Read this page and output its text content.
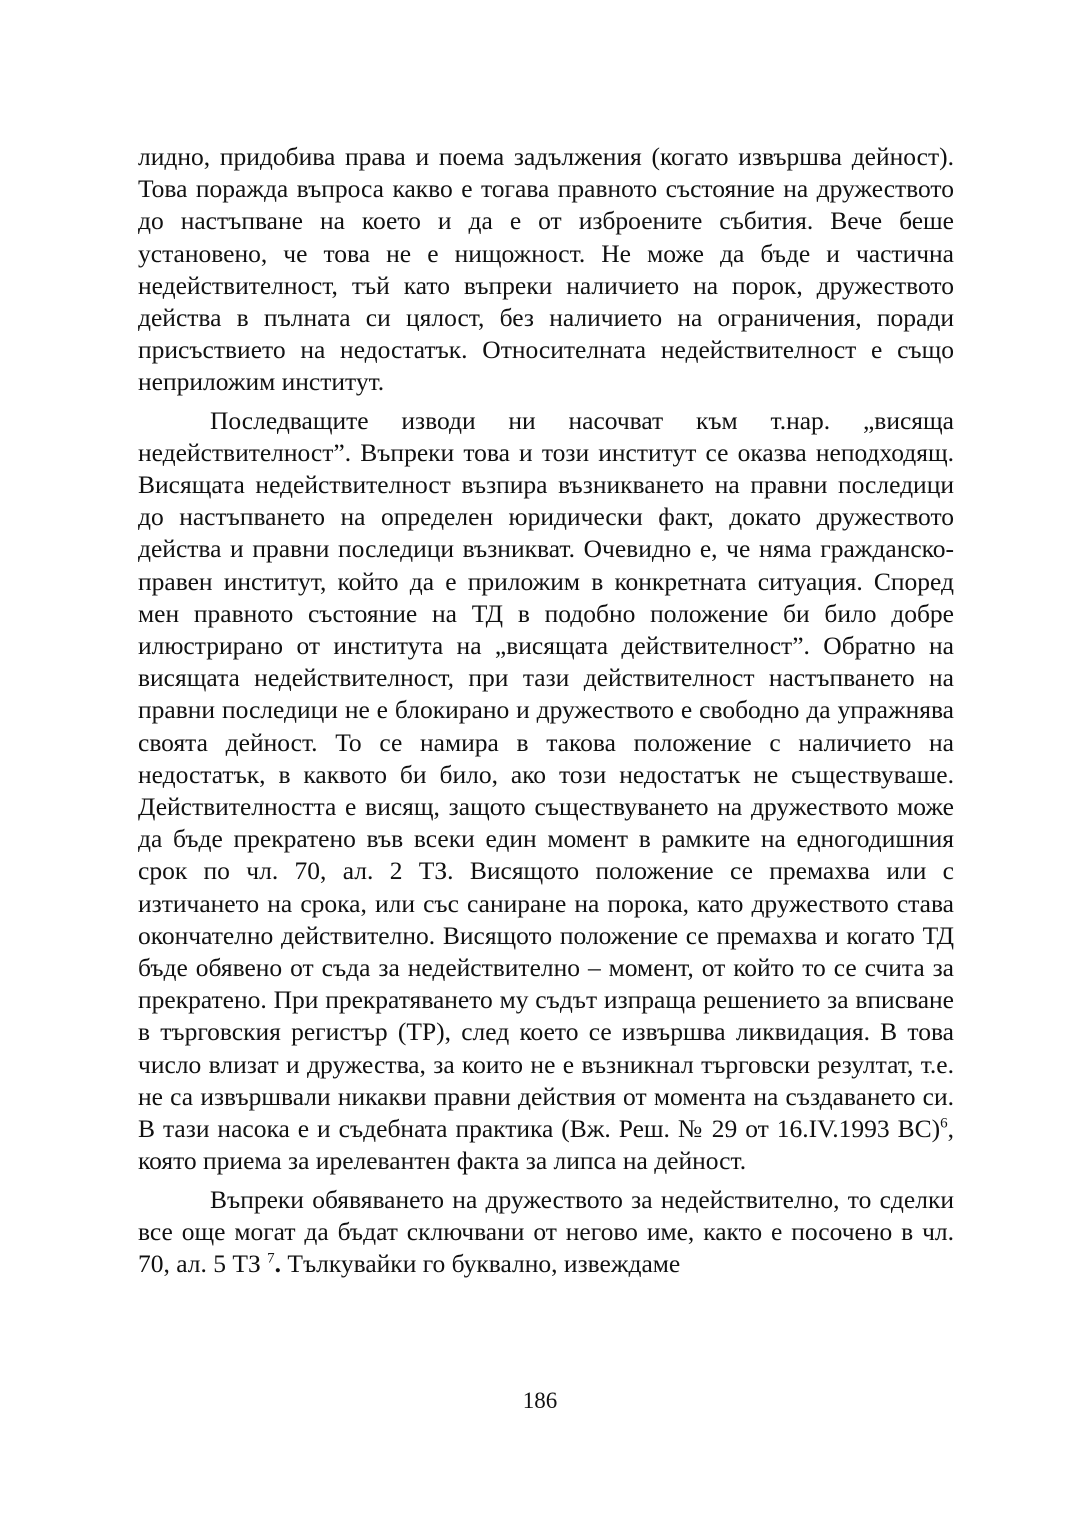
лидно, придобива права и поема задължения (когато извършва дейност). Това поражда въпроса какво е тогава правното състояние на дружеството до настъпване на което и да е от изброените събития. Вече беше установено, че това не е нищожност. Не може да бъде и частична недействителност, тъй като въпреки наличието на порок, дружеството действа в пълната си цялост, без наличието на ограничения, поради присъствието на недостатък. Относителната недействителност е също неприложим институт.

Последващите изводи ни насочват към т.нар. „висяща недействителност”. Въпреки това и този институт се оказва неподходящ. Висящата недействителност възпира възникването на правни последици до настъпването на определен юридически факт, докато дружеството действа и правни последици възникват. Очевидно е, че няма гражданско-правен институт, който да е приложим в конкретната ситуация. Според мен правното състояние на ТД в подобно положение би било добре илюстрирано от института на „висящата действителност”. Обратно на висящата недействителност, при тази действителност настъпването на правни последици не е блокирано и дружеството е свободно да упражнява своята дейност. То се намира в такова положение с наличието на недостатък, в каквото би било, ако този недостатък не съществуваше. Действителността е висящ, защото съществуването на дружеството може да бъде прекратено във всеки един момент в рамките на едногодишния срок по чл. 70, ал. 2 ТЗ. Висящото положение се премахва или с изтичането на срока, или със саниране на порока, като дружеството става окончателно действително. Висящото положение се премахва и когато ТД бъде обявено от съда за недействително – момент, от който то се счита за прекратено. При прекратяването му съдът изпраща решението за вписване в търговския регистър (ТР), след което се извършва ликвидация. В това число влизат и дружества, за които не е възникнал търговски резултат, т.е. не са извършвали никакви правни действия от момента на създаването си. В тази насока е и съдебната практика (Вж. Реш. № 29 от 16.IV.1993 ВС)$^6$, която приема за ирелевантен факта за липса на дейност.

Въпреки обявяването на дружеството за недействително, то сделки все още могат да бъдат сключвани от негово име, както е посочено в чл. 70, ал. 5 ТЗ $^7$. Тълкувайки го буквално, извеждаме

186
